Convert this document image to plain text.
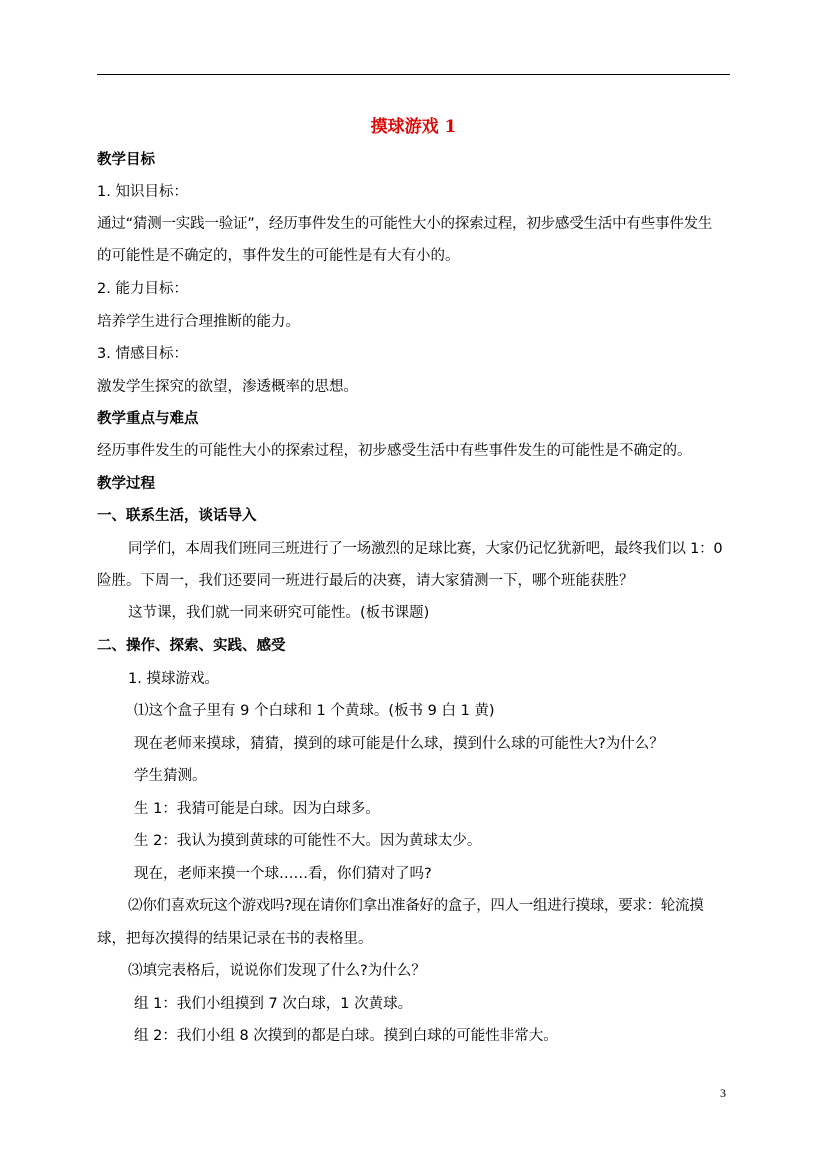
摸球游戏 1
教学目标
1. 知识目标：
通过“猜测一实践一验证”，经历事件发生的可能性大小的探索过程，初步感受生活中有些事件发生
的可能性是不确定的，事件发生的可能性是有大有小的。
2. 能力目标：
培养学生进行合理推断的能力。
3. 情感目标：
激发学生探究的欲望，渗透概率的思想。
教学重点与难点
经历事件发生的可能性大小的探索过程，初步感受生活中有些事件发生的可能性是不确定的。
教学过程
一、联系生活，谈话导入
同学们，本周我们班同三班进行了一场激烈的足球比赛，大家仍记忆犹新吧，最终我们以 1：0
险胜。下周一，我们还要同一班进行最后的决赛，请大家猜测一下，哪个班能获胜？
这节课，我们就一同来研究可能性。(板书课题)
二、操作、探索、实践、感受
1. 摸球游戏。
⑴这个盒子里有 9 个白球和 1 个黄球。(板书 9 白 1 黄)
现在老师来摸球，猜猜，摸到的球可能是什么球，摸到什么球的可能性大?为什么？
学生猜测。
生 1：我猜可能是白球。因为白球多。
生 2：我认为摸到黄球的可能性不大。因为黄球太少。
现在，老师来摸一个球……看，你们猜对了吗?
⑵你们喜欢玩这个游戏吗?现在请你们拿出准备好的盒子，四人一组进行摸球，要求：轮流摸
球，把每次摸得的结果记录在书的表格里。
⑶填完表格后，说说你们发现了什么?为什么？
组 1：我们小组摸到 7 次白球，1 次黄球。
组 2：我们小组 8 次摸到的都是白球。摸到白球的可能性非常大。
3
